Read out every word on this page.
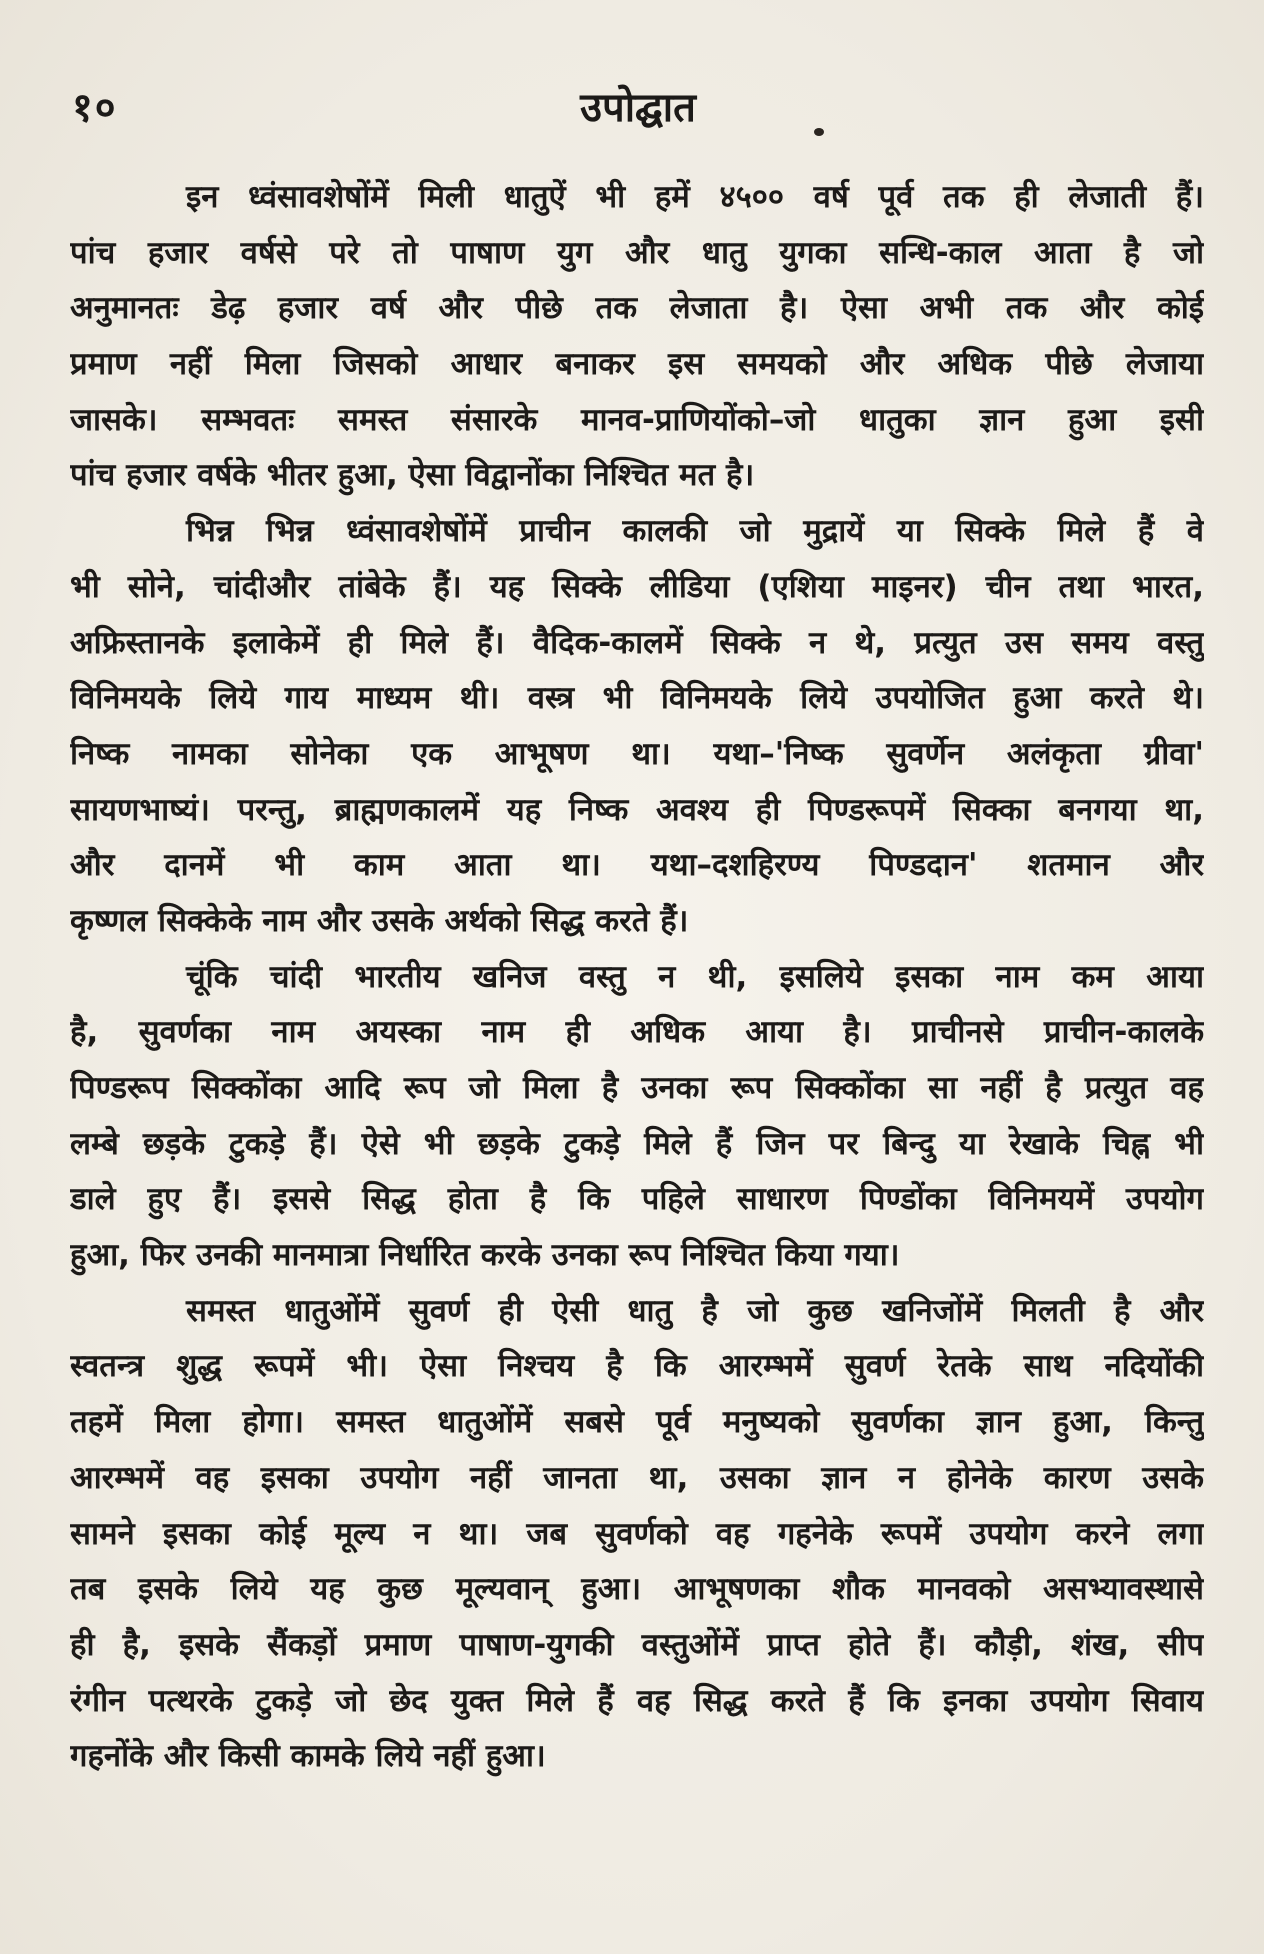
१०	उपोद्घात
इन ध्वंसावशेषोंमें मिली धातुऐं भी हमें ४५०० वर्ष पूर्व तक ही लेजाती हैं।
पांच हजार वर्षसे परे तो पाषाण युग और धातु युगका सन्धि-काल आता है जो
अनुमानतः डेढ़ हजार वर्ष और पीछे तक लेजाता है। ऐसा अभी तक और कोई
प्रमाण नहीं मिला जिसको आधार बनाकर इस समयको और अधिक पीछे लेजाया
जासके। सम्भवतः समस्त संसारके मानव-प्राणियोंको–जो धातुका ज्ञान हुआ इसी
पांच हजार वर्षके भीतर हुआ, ऐसा विद्वानोंका निश्चित मत है।
भिन्न भिन्न ध्वंसावशेषोंमें प्राचीन कालकी जो मुद्रायें या सिक्के मिले हैं वे
भी सोने, चांदीऔर तांबेके हैं। यह सिक्के लीडिया (एशिया माइनर) चीन तथा भारत,
अफ्रिस्तानके इलाकेमें ही मिले हैं। वैदिक-कालमें सिक्के न थे, प्रत्युत उस समय वस्तु
विनिमयके लिये गाय माध्यम थी। वस्त्र भी विनिमयके लिये उपयोजित हुआ करते थे।
निष्क नामका सोनेका एक आभूषण था। यथा–'निष्क सुवर्णेन अलंकृता ग्रीवा'
सायणभाष्यं। परन्तु, ब्राह्मणकालमें यह निष्क अवश्य ही पिण्डरूपमें सिक्का बनगया था,
और दानमें भी काम आता था। यथा–दशहिरण्य पिण्डदान' शतमान और
कृष्णल सिक्केके नाम और उसके अर्थको सिद्ध करते हैं।
चूंकि चांदी भारतीय खनिज वस्तु न थी, इसलिये इसका नाम कम आया
है, सुवर्णका नाम अयस्का नाम ही अधिक आया है। प्राचीनसे प्राचीन-कालके
पिण्डरूप सिक्कोंका आदि रूप जो मिला है उनका रूप सिक्कोंका सा नहीं है प्रत्युत वह
लम्बे छड़के टुकड़े हैं। ऐसे भी छड़के टुकड़े मिले हैं जिन पर बिन्दु या रेखाके चिह्न भी
डाले हुए हैं। इससे सिद्ध होता है कि पहिले साधारण पिण्डोंका विनिमयमें उपयोग
हुआ, फिर उनकी मानमात्रा निर्धारित करके उनका रूप निश्चित किया गया।
समस्त धातुओंमें सुवर्ण ही ऐसी धातु है जो कुछ खनिजोंमें मिलती है और
स्वतन्त्र शुद्ध रूपमें भी। ऐसा निश्चय है कि आरम्भमें सुवर्ण रेतके साथ नदियोंकी
तहमें मिला होगा। समस्त धातुओंमें सबसे पूर्व मनुष्यको सुवर्णका ज्ञान हुआ, किन्तु
आरम्भमें वह इसका उपयोग नहीं जानता था, उसका ज्ञान न होनेके कारण उसके
सामने इसका कोई मूल्य न था। जब सुवर्णको वह गहनेके रूपमें उपयोग करने लगा
तब इसके लिये यह कुछ मूल्यवान् हुआ। आभूषणका शौक मानवको असभ्यावस्थासे
ही है, इसके सैंकड़ों प्रमाण पाषाण-युगकी वस्तुओंमें प्राप्त होते हैं। कौड़ी, शंख, सीप
रंगीन पत्थरके टुकड़े जो छेद युक्त मिले हैं वह सिद्ध करते हैं कि इनका उपयोग सिवाय
गहनोंके और किसी कामके लिये नहीं हुआ।
